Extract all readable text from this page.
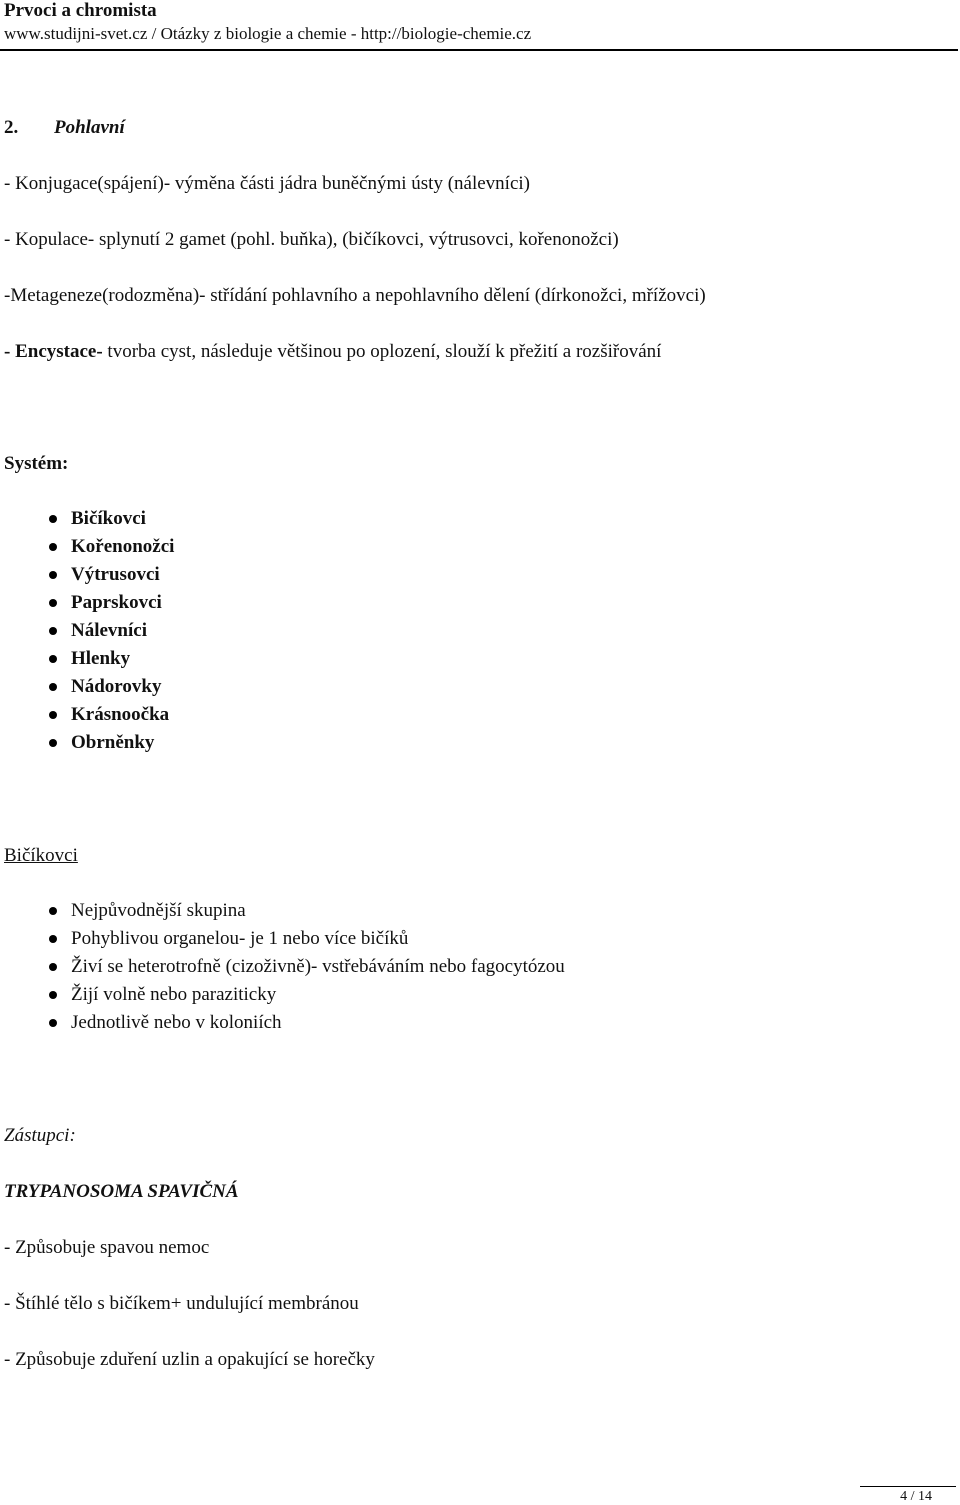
Prvoci a chromista
www.studijni-svet.cz / Otázky z biologie a chemie - http://biologie-chemie.cz
2. Pohlavní
- Konjugace(spájení)- výměna části jádra buněčnými ústy (nálevníci)
- Kopulace- splynutí 2 gamet (pohl. buňka), (bičíkovci, výtrusovci, kořenonožci)
-Metageneze(rodozměna)- střídání pohlavního a nepohlavního dělení (dírkonožci, mřížovci)
- Encystace- tvorba cyst, následuje většinou po oplození, slouží k přežití a rozšiřování
Systém:
Bičíkovci
Kořenonožci
Výtrusovci
Paprskovci
Nálevníci
Hlenky
Nádorovky
Krásnoočka
Obrněnky
Bičíkovci
Nejpůvodnější skupina
Pohyblivou organelou- je 1 nebo více bičíků
Živí se heterotrofně (cizoživně)- vstřebáváním nebo fagocytózou
Žijí volně nebo paraziticky
Jednotlivě nebo v koloniích
Zástupci:
TRYPANOSOMA SPAVIČNÁ
- Způsobuje spavou nemoc
- Štíhlé tělo s bičíkem+ undulující membránou
- Způsobuje zduření uzlin a opakující se horečky
4 / 14
